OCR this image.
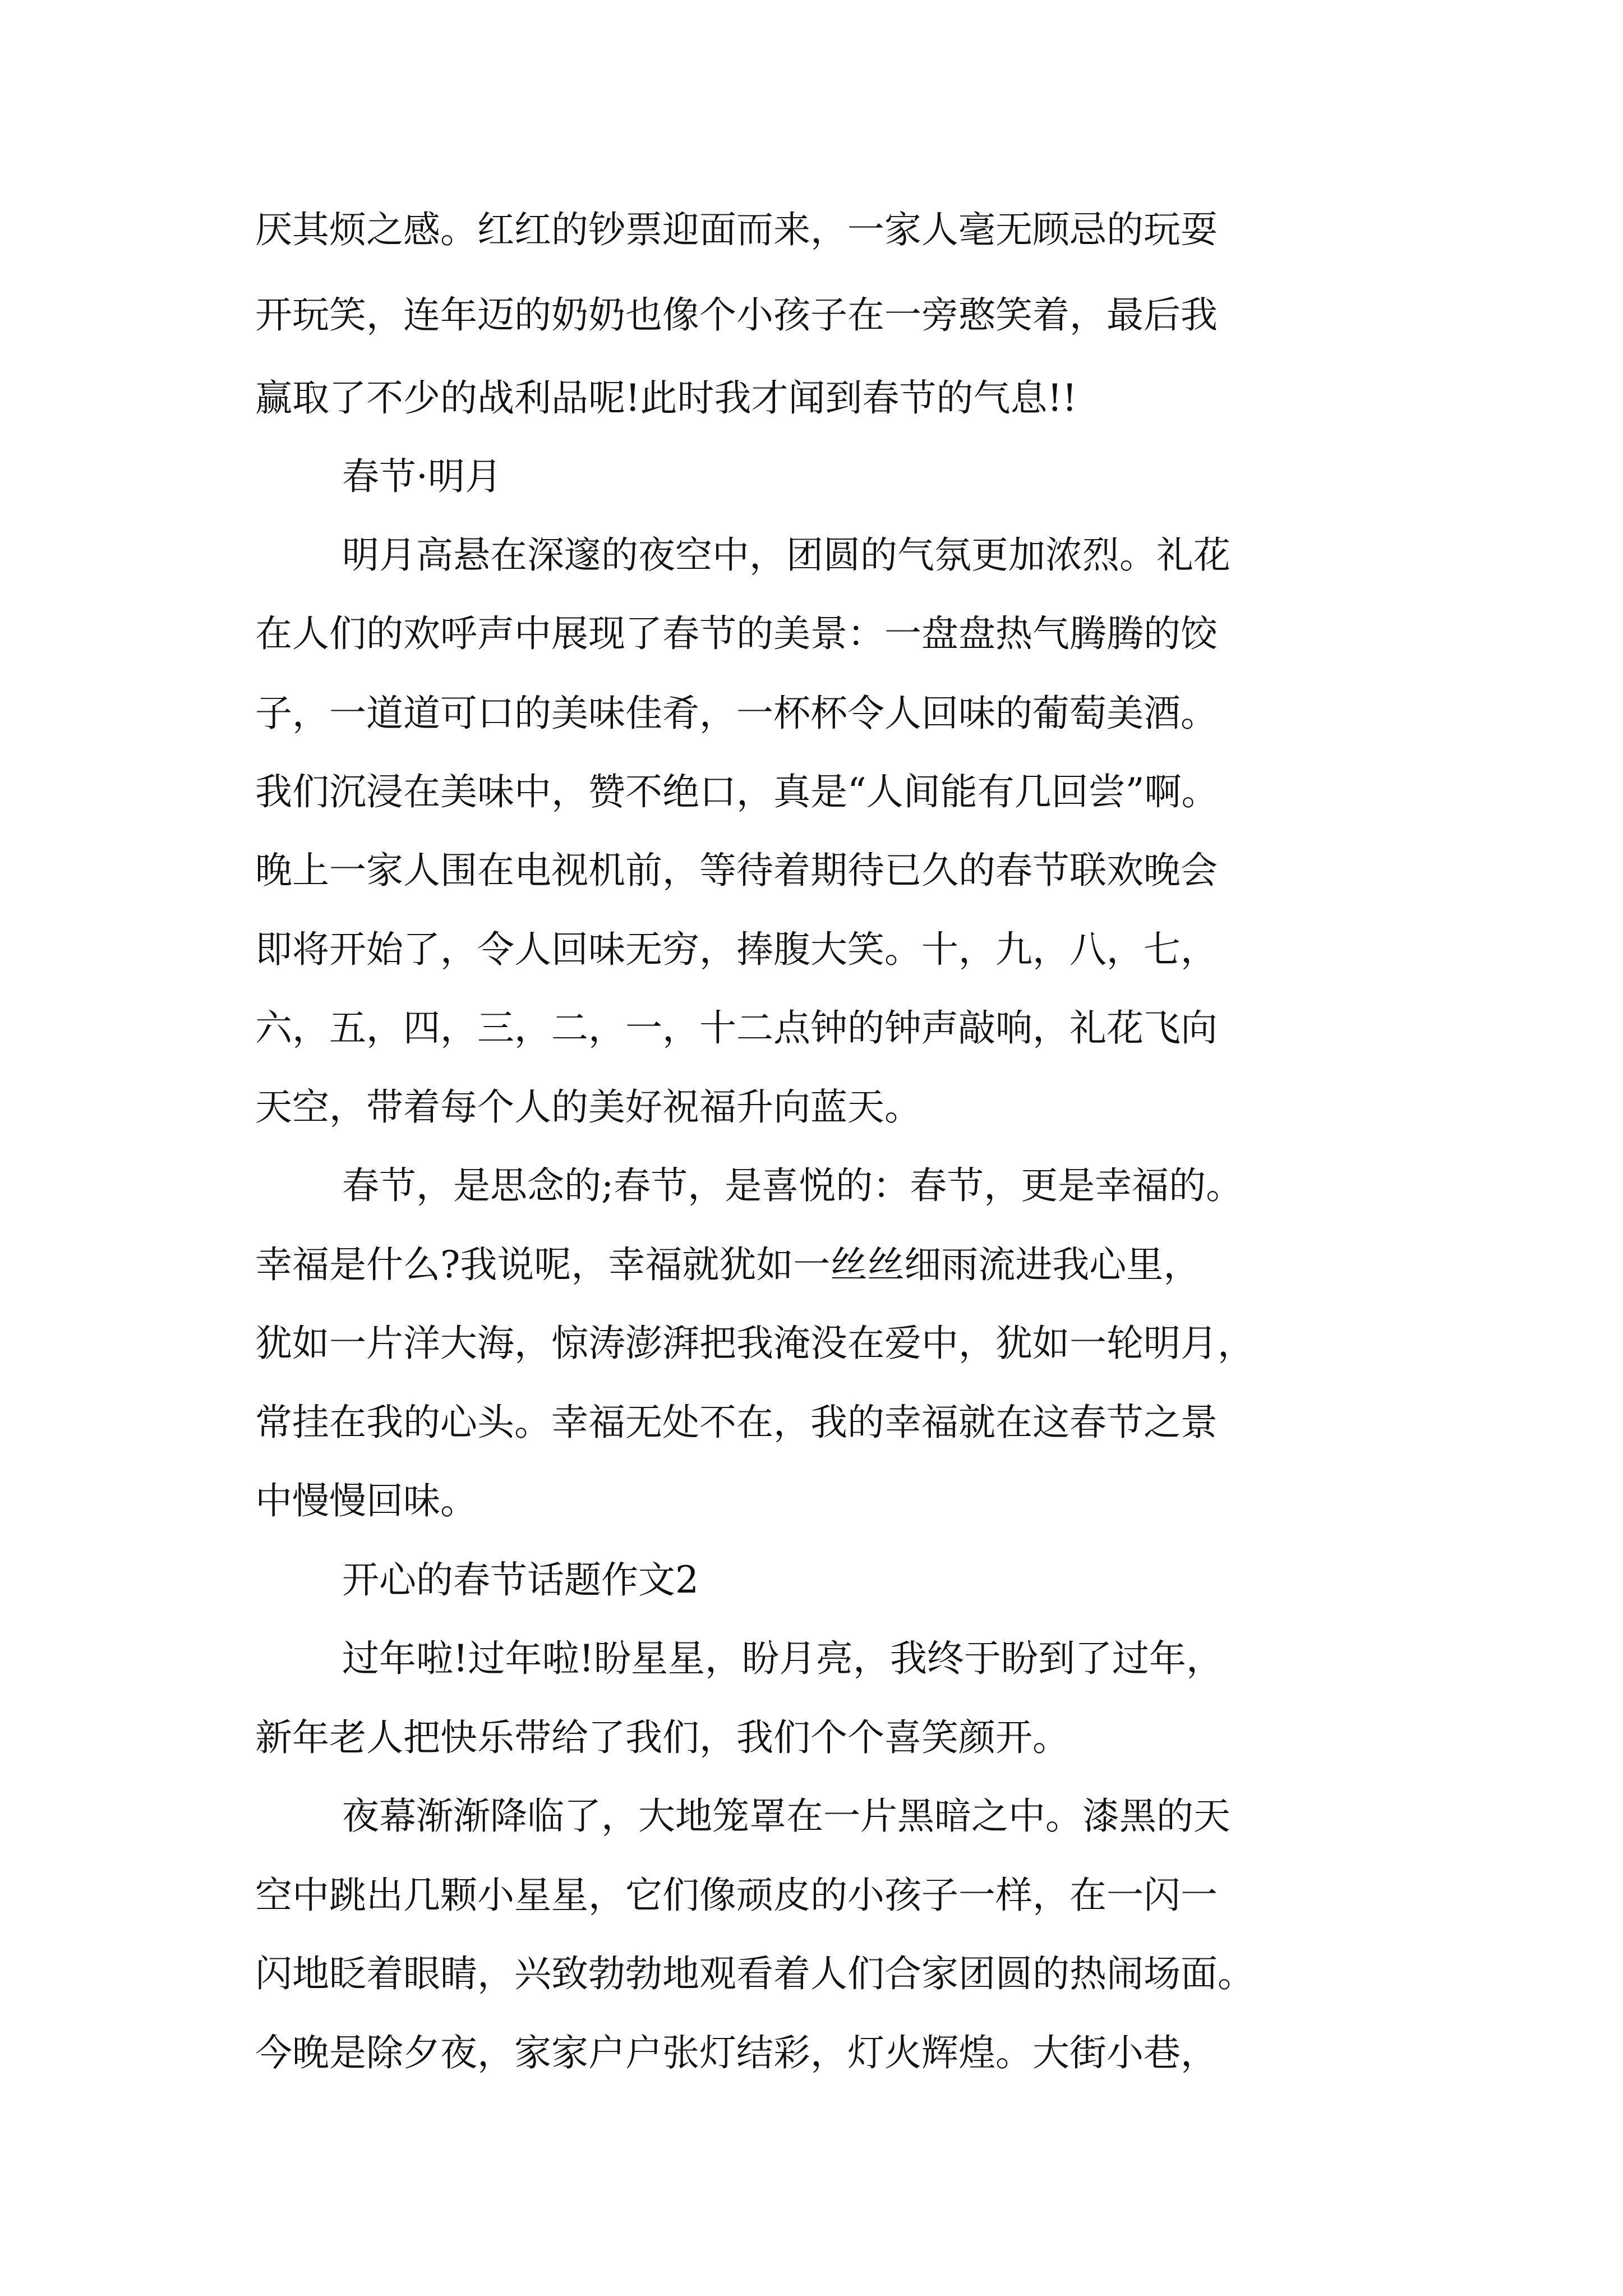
厌其烦之感。红红的钞票迎面而来，一家人毫无顾忌的玩耍

开玩笑，连年迈的奶奶也像个小孩子在一旁憨笑着，最后我

赢取了不少的战利品呢!此时我才闻到春节的气息!!

春节·明月

明月高悬在深邃的夜空中，团圆的气氛更加浓烈。礼花

在人们的欢呼声中展现了春节的美景：一盘盘热气腾腾的饺

子，一道道可口的美味佳肴，一杯杯令人回味的葡萄美酒。

我们沉浸在美味中，赞不绝口，真是“人间能有几回尝”啊。

晚上一家人围在电视机前，等待着期待已久的春节联欢晚会

即将开始了，令人回味无穷，捧腹大笑。十，九，八，七，

六，五，四，三，二，一，十二点钟的钟声敲响，礼花飞向

天空，带着每个人的美好祝福升向蓝天。

春节，是思念的;春节，是喜悦的：春节，更是幸福的。

幸福是什么?我说呢，幸福就犹如一丝丝细雨流进我心里，

犹如一片洋大海，惊涛澎湃把我淹没在爱中，犹如一轮明月，

常挂在我的心头。幸福无处不在，我的幸福就在这春节之景

中慢慢回味。

开心的春节话题作文2

过年啦!过年啦!盼星星，盼月亮，我终于盼到了过年，

新年老人把快乐带给了我们，我们个个喜笑颜开。

夜幕渐渐降临了，大地笼罩在一片黑暗之中。漆黑的天

空中跳出几颗小星星，它们像顽皮的小孩子一样，在一闪一

闪地眨着眼睛，兴致勃勃地观看着人们合家团圆的热闹场面。

今晚是除夕夜，家家户户张灯结彩，灯火辉煌。大街小巷，
